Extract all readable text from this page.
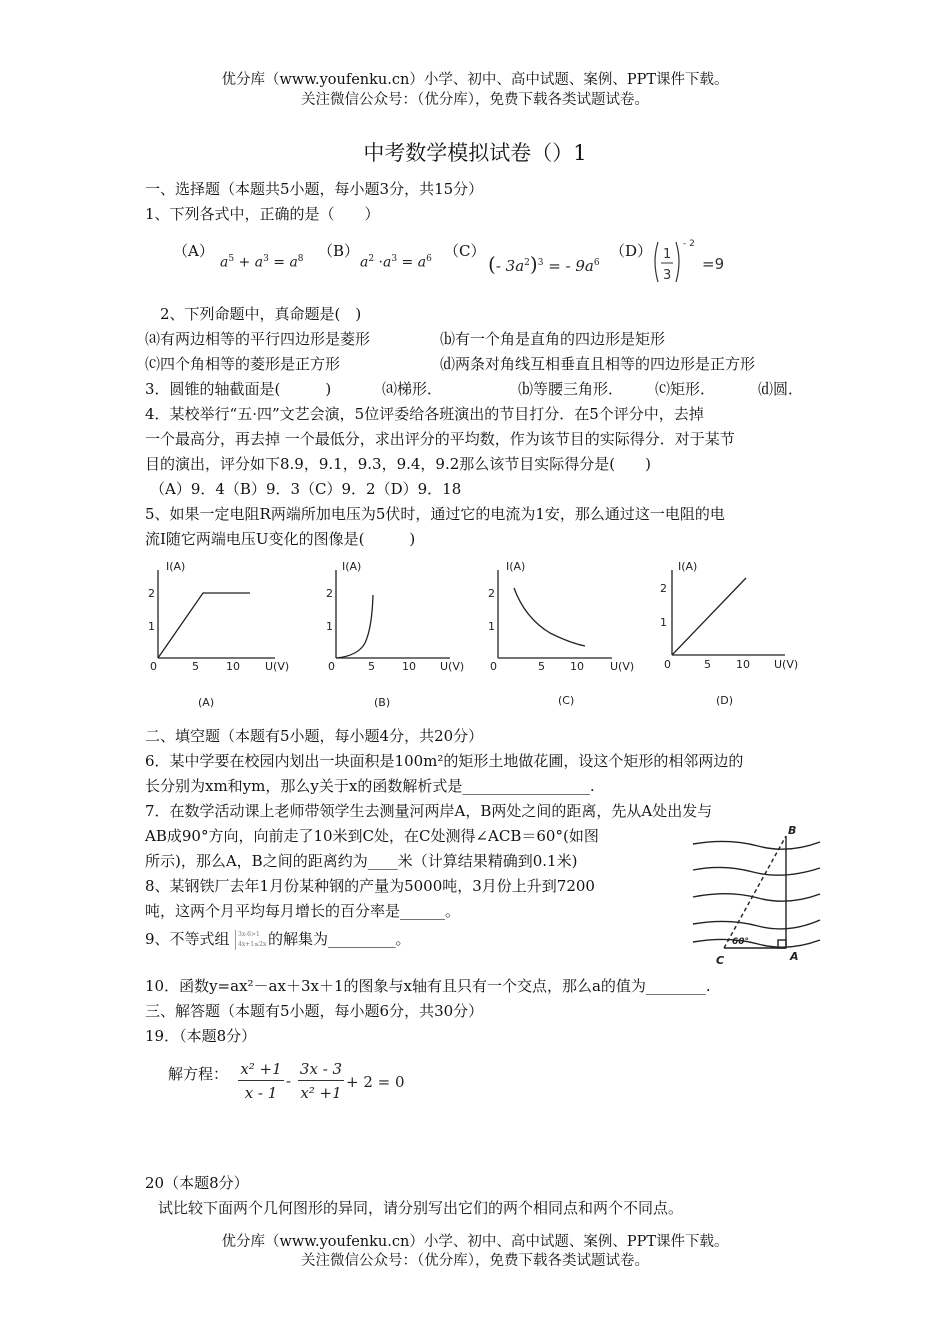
优分库（www.youfenku.cn）小学、初中、高中试题、案例、PPT课件下载。
关注微信公众号：（优分库），免费下载各类试题试卷。
中考数学模拟试卷（）1
一、选择题（本题共5小题，每小题3分，共15分）
1、下列各式中，正确的是（　　）
（A）
$a^5 + a^3 = a^8$ （B）
$a^2 \cdot a^3 = a^6$ （C）
(- $3a^2)^3$ = - $9a^6$
（D）
(1/3)-2 = 9
1
3
- 2
=9
2、下列命题中，真命题是(　)
⒜有两边相等的平行四边形是菱形	⒝有一个角是直角的四边形是矩形
⒞四个角相等的菱形是正方形	⒟两条对角线互相垂直且相等的四边形是正方形
3．圆锥的轴截面是(　　　)	⒜梯形．	⒝等腰三角形． ⒞矩形．	⒟圆．
4．某校举行“五·四”文艺会演，5位评委给各班演出的节目打分．在5个评分中，去掉
一个最高分，再去掉 一个最低分，求出评分的平均数，作为该节目的实际得分．对于某节
目的演出，评分如下8.9，9.1，9.3，9.4，9.2那么该节目实际得分是(　　)
（A）9．4（B）9．3（C）9．2（D）9．18
5、如果一定电阻R两端所加电压为5伏时，通过它的电流为1安，那么通过这一电阻的电
流I随它两端电压U变化的图像是(　　　)
I(A)
2
1
0	5 10 U(V)
(A)
I(A)
2
1
0	5 10 U(V)
(B)
I(A)
2
1
0	5 10 U(V)
(C)
I(A)
2
1
0	5 10 U(V)
(D)
二、填空题（本题有5小题，每小题4分，共20分）
6．某中学要在校园内划出一块面积是100m²的矩形土地做花圃，设这个矩形的相邻两边的
长分别为xm和ym，那么y关于x的函数解析式是_________________.
7．在数学活动课上老师带领学生去测量河两岸A，B两处之间的距离，先从A处出发与
AB成90°方向，向前走了10米到C处，在C处测得∠ACB＝60°(如图
所示)，那么A，B之间的距离约为____米（计算结果精确到0.1米)
8、某钢铁厂去年1月份某种钢的产量为5000吨，3月份上升到7200
吨，这两个月平均每月增长的百分率是______。
9、不等式组 3x-6>1
4x+1≤2x 的解集为_________。
B
C	A
60°
10．函数y=ax²－ax＋3x＋1的图象与x轴有且只有一个交点，那么a的值为________.
三、解答题（本题有5小题，每小题6分，共30分）
19．（本题8分）
解方程： $\frac{\text{x² +1}}{x - 1} - \frac{3x - 3}{\text{x² +1}} + 2 = 0$
20（本题8分）
试比较下面两个几何图形的异同，请分别写出它们的两个相同点和两个不同点。
优分库（www.youfenku.cn）小学、初中、高中试题、案例、PPT课件下载。
关注微信公众号：（优分库），免费下载各类试题试卷。
